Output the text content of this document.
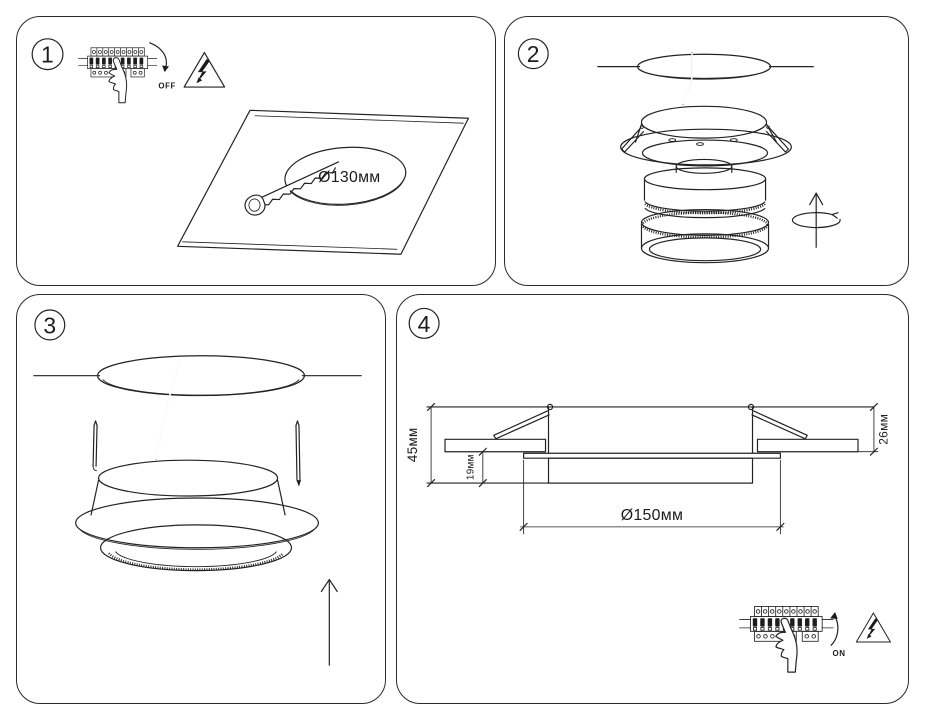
1
OFF
Ø130мм
2
3	4
45мм
19мм
26мм
Ø150мм
ON
